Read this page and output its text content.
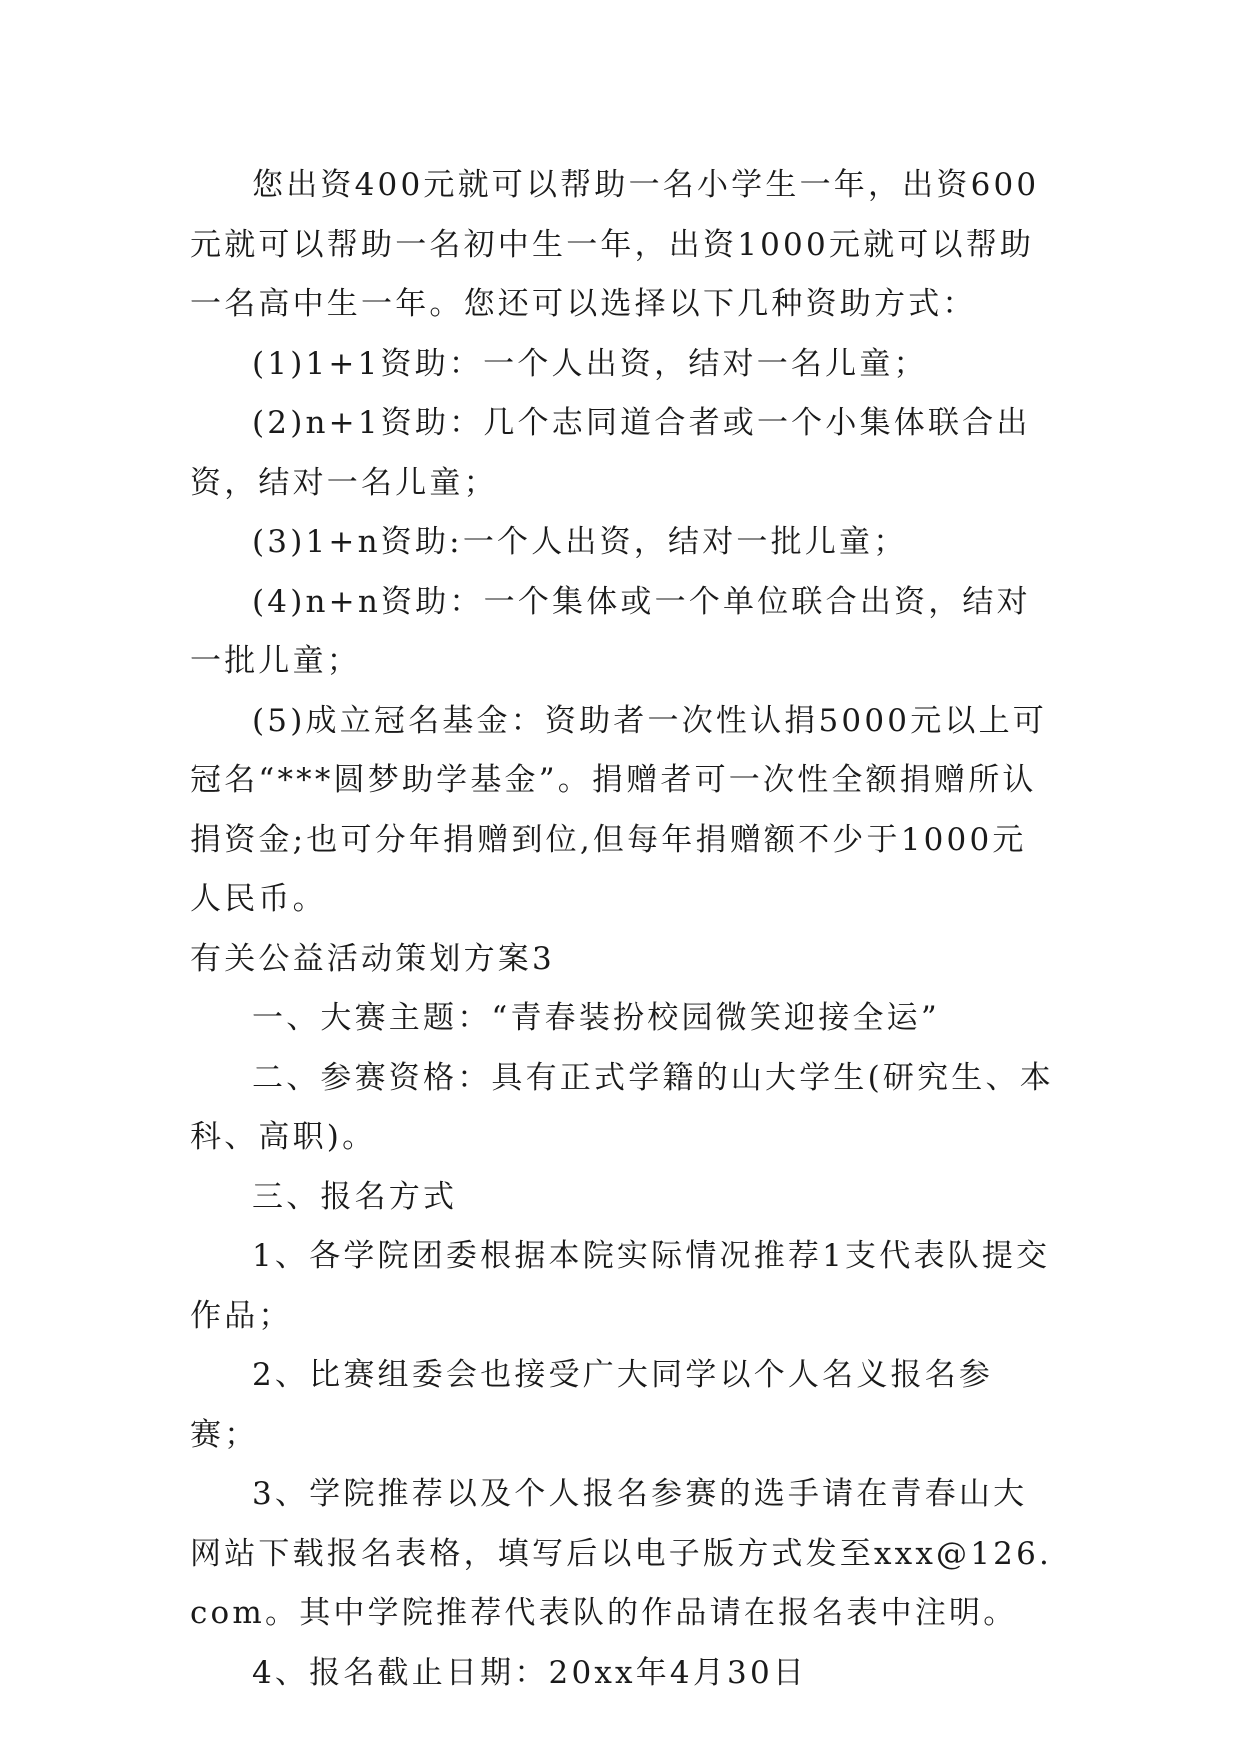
您出资400元就可以帮助一名小学生一年，出资600元就可以帮助一名初中生一年，出资1000元就可以帮助一名高中生一年。您还可以选择以下几种资助方式：

(1)1+1资助：一个人出资，结对一名儿童；

(2)n+1资助：几个志同道合者或一个小集体联合出资，结对一名儿童；

(3)1+n资助:一个人出资，结对一批儿童；

(4)n+n资助：一个集体或一个单位联合出资，结对一批儿童；

(5)成立冠名基金：资助者一次性认捐5000元以上可冠名“***圆梦助学基金”。捐赠者可一次性全额捐赠所认捐资金;也可分年捐赠到位,但每年捐赠额不少于1000元人民币。

有关公益活动策划方案3

一、大赛主题：“青春装扮校园微笑迎接全运”

二、参赛资格：具有正式学籍的山大学生(研究生、本科、高职)。

三、报名方式

1、各学院团委根据本院实际情况推荐1支代表队提交作品；

2、比赛组委会也接受广大同学以个人名义报名参赛；

3、学院推荐以及个人报名参赛的选手请在青春山大网站下载报名表格，填写后以电子版方式发至xxx@126.com。其中学院推荐代表队的作品请在报名表中注明。

4、报名截止日期：20xx年4月30日
